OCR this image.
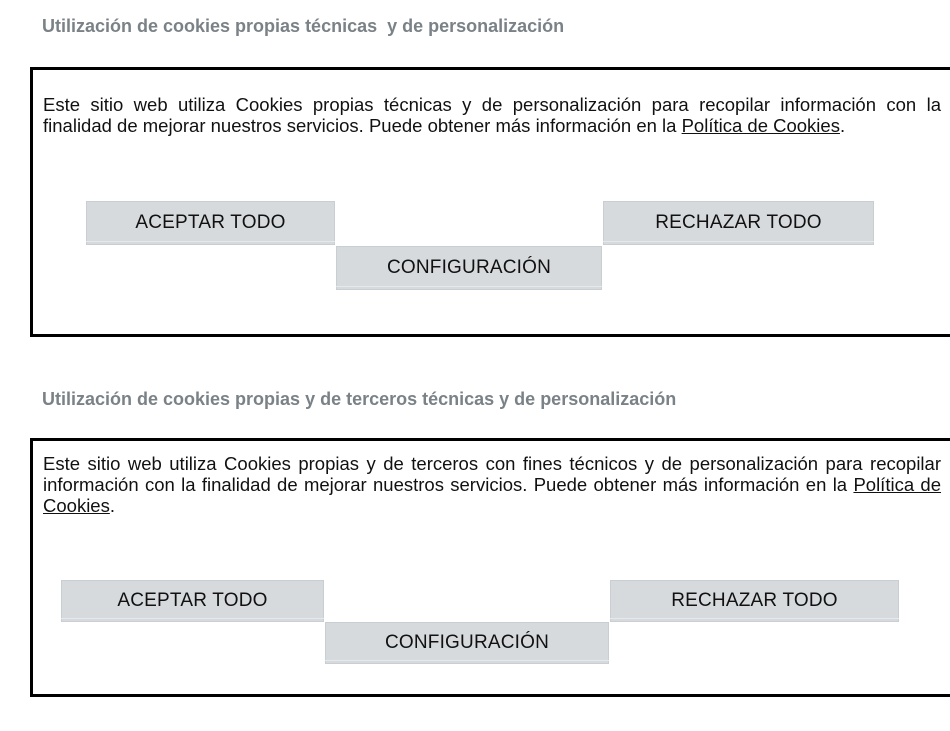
Utilización de cookies propias técnicas  y de personalización

Este sitio web utiliza Cookies propias técnicas y de personalización para recopilar información con la finalidad de mejorar nuestros servicios. Puede obtener más información en la Política de Cookies.

ACEPTAR TODO	RECHAZAR TODO
CONFIGURACIÓN
Utilización de cookies propias y de terceros técnicas y de personalización

Este sitio web utiliza Cookies propias y de terceros con fines técnicos y de personalización para recopilar información con la finalidad de mejorar nuestros servicios. Puede obtener más información en la Política de Cookies.

ACEPTAR TODO	RECHAZAR TODO
CONFIGURACIÓN
